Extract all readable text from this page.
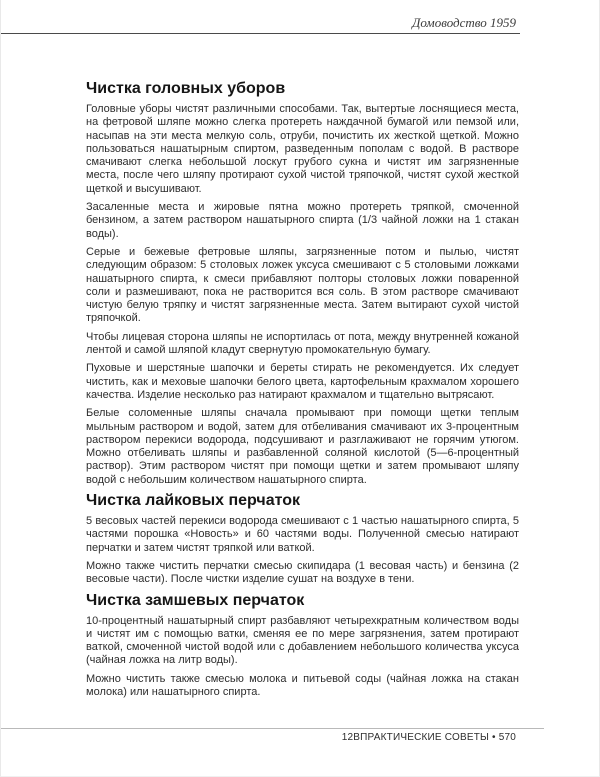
Домоводство 1959
Чистка головных уборов

Головные уборы чистят различными способами. Так, вытертые лоснящиеся места, на фетровой шляпе можно слегка протереть наждачной бумагой или пемзой или, насыпав на эти места мелкую соль, отруби, почистить их жесткой щеткой. Можно пользоваться нашатырным спиртом, разведенным пополам с водой. В растворе смачивают слегка небольшой лоскут грубого сукна и чистят им загрязненные места, после чего шляпу протирают сухой чистой тряпочкой, чистят сухой жесткой щеткой и высушивают.

Засаленные места и жировые пятна можно протереть тряпкой, смоченной бензином, а затем раствором нашатырного спирта (1/3 чайной ложки на 1 стакан воды).

Серые и бежевые фетровые шляпы, загрязненные потом и пылью, чистят следующим образом: 5 столовых ложек уксуса смешивают с 5 столовыми ложками нашатырного спирта, к смеси прибавляют полторы столовых ложки поваренной соли и размешивают, пока не растворится вся соль. В этом растворе смачивают чистую белую тряпку и чистят загрязненные места. Затем вытирают сухой чистой тряпочкой.

Чтобы лицевая сторона шляпы не испортилась от пота, между внутренней кожаной лентой и самой шляпой кладут свернутую промокательную бумагу.

Пуховые и шерстяные шапочки и береты стирать не рекомендуется. Их следует чистить, как и меховые шапочки белого цвета, картофельным крахмалом хорошего качества. Изделие несколько раз натирают крахмалом и тщательно вытрясают.

Белые соломенные шляпы сначала промывают при помощи щетки теплым мыльным раствором и водой, затем для отбеливания смачивают их 3-процентным раствором перекиси водорода, подсушивают и разглаживают не горячим утюгом. Можно отбеливать шляпы и разбавленной соляной кислотой (5—6-процентный раствор). Этим раствором чистят при помощи щетки и затем промывают шляпу водой с небольшим количеством нашатырного спирта.

Чистка лайковых перчаток

5 весовых частей перекиси водорода смешивают с 1 частью нашатырного спирта, 5 частями порошка «Новость» и 60 частями воды. Полученной смесью натирают перчатки и затем чистят тряпкой или ваткой.

Можно также чистить перчатки смесью скипидара (1 весовая часть) и бензина (2 весовые части). После чистки изделие сушат на воздухе в тени.

Чистка замшевых перчаток

10-процентный нашатырный спирт разбавляют четырехкратным количеством воды и чистят им с помощью ватки, сменяя ее по мере загрязнения, затем протирают ваткой, смоченной чистой водой или с добавлением небольшого количества уксуса (чайная ложка на литр воды).

Можно чистить также смесью молока и питьевой соды (чайная ложка на стакан молока) или нашатырного спирта.

12ВПРАКТИЧЕСКИЕ СОВЕТЫ • 570
